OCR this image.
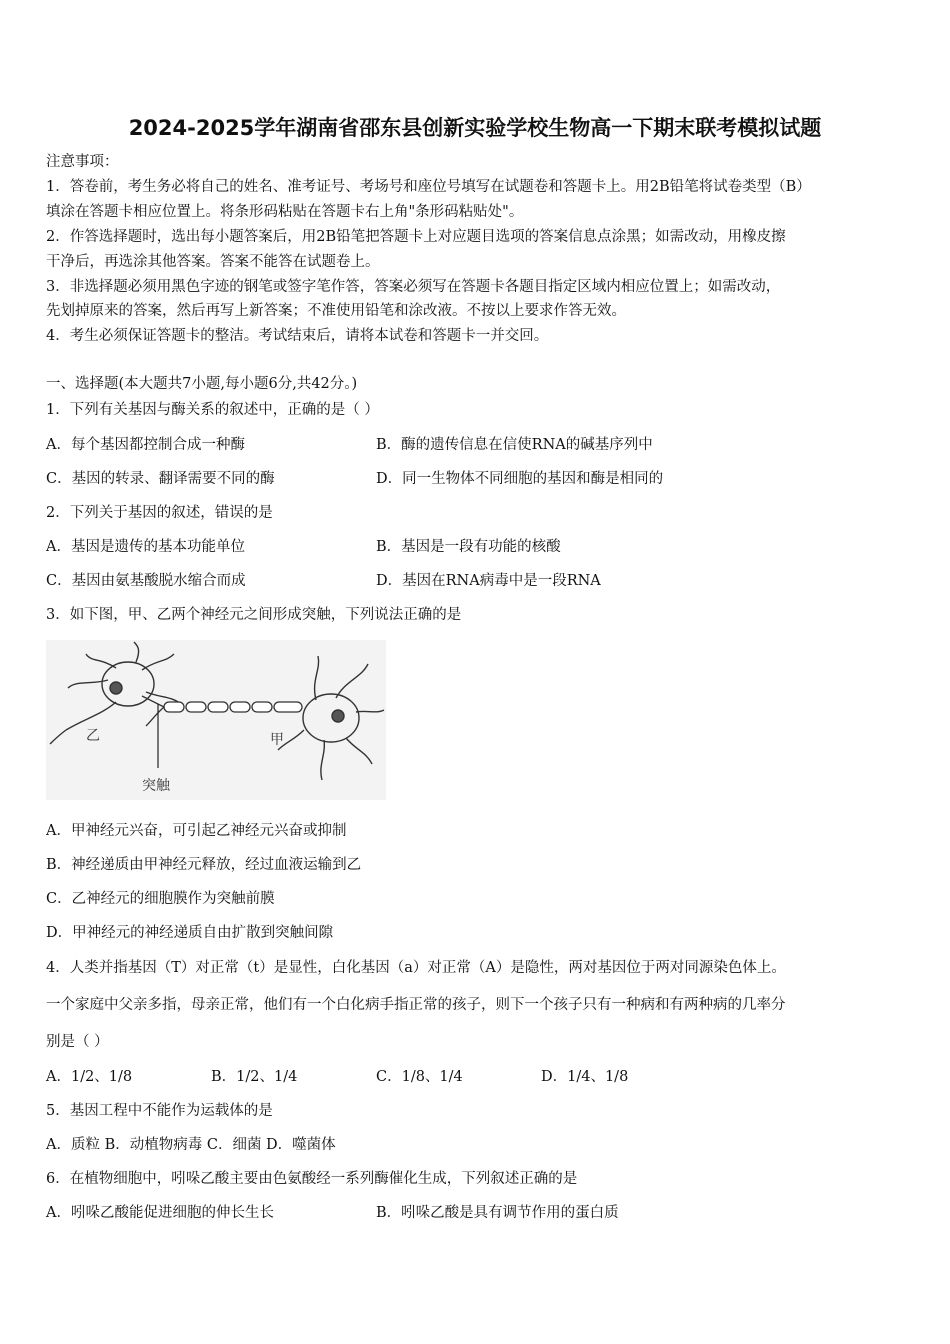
2024-2025学年湖南省邵东县创新实验学校生物高一下期末联考模拟试题
注意事项：
1．答卷前，考生务必将自己的姓名、准考证号、考场号和座位号填写在试题卷和答题卡上。用2B铅笔将试卷类型（B）
填涂在答题卡相应位置上。将条形码粘贴在答题卡右上角"条形码粘贴处"。
2．作答选择题时，选出每小题答案后，用2B铅笔把答题卡上对应题目选项的答案信息点涂黑；如需改动，用橡皮擦
干净后，再选涂其他答案。答案不能答在试题卷上。
3．非选择题必须用黑色字迹的钢笔或签字笔作答，答案必须写在答题卡各题目指定区域内相应位置上；如需改动，
先划掉原来的答案，然后再写上新答案；不准使用铅笔和涂改液。不按以上要求作答无效。
4．考生必须保证答题卡的整洁。考试结束后，请将本试卷和答题卡一并交回。
一、选择题(本大题共7小题,每小题6分,共42分。)
1．下列有关基因与酶关系的叙述中，正确的是（ ）
A．每个基因都控制合成一种酶	B．酶的遗传信息在信使RNA的碱基序列中
C．基因的转录、翻译需要不同的酶	D．同一生物体不同细胞的基因和酶是相同的
2．下列关于基因的叙述，错误的是
A．基因是遗传的基本功能单位	B．基因是一段有功能的核酸
C．基因由氨基酸脱水缩合而成	D．基因在RNA病毒中是一段RNA
3．如下图，甲、乙两个神经元之间形成突触，下列说法正确的是
乙	甲
突触
A．甲神经元兴奋，可引起乙神经元兴奋或抑制
B．神经递质由甲神经元释放，经过血液运输到乙
C．乙神经元的细胞膜作为突触前膜
D．甲神经元的神经递质自由扩散到突触间隙
4．人类并指基因（T）对正常（t）是显性，白化基因（a）对正常（A）是隐性，两对基因位于两对同源染色体上。
一个家庭中父亲多指，母亲正常，他们有一个白化病手指正常的孩子，则下一个孩子只有一种病和有两种病的几率分
别是（ ）
A．1/2、1/8	B．1/2、1/4	C．1/8、1/4	D．1/4、1/8
5．基因工程中不能作为运载体的是
A．质粒 B．动植物病毒 C．细菌 D．噬菌体
6．在植物细胞中，吲哚乙酸主要由色氨酸经一系列酶催化生成，下列叙述正确的是
A．吲哚乙酸能促进细胞的伸长生长	B．吲哚乙酸是具有调节作用的蛋白质
